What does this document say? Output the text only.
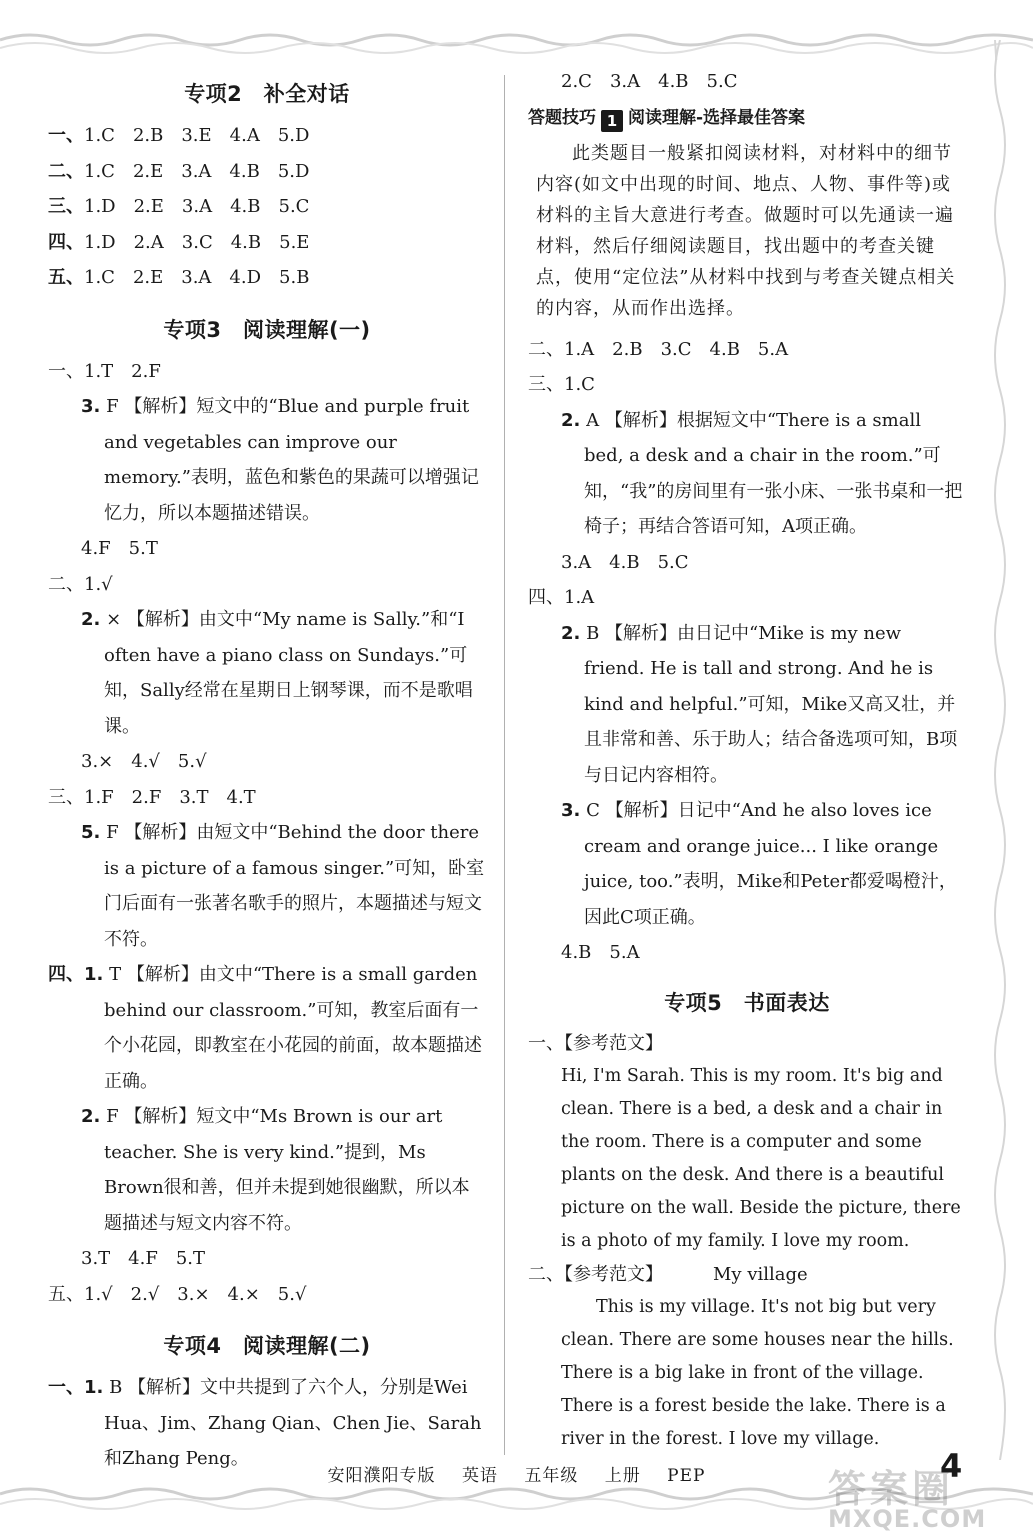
专项2　补全对话
一、1.C　2.B　3.E　4.A　5.D
二、1.C　2.E　3.A　4.B　5.D
三、1.D　2.E　3.A　4.B　5.C
四、1.D　2.A　3.C　4.B　5.E
五、1.C　2.E　3.A　4.D　5.B
专项3　阅读理解(一)
一、1.T　2.F
3. F 【解析】短文中的“Blue and purple fruit and vegetables can improve our memory.”表明，蓝色和紫色的果蔬可以增强记忆力，所以本题描述错误。
4.F　5.T
二、1.√
2. × 【解析】由文中“My name is Sally.”和“I often have a piano class on Sundays.”可知，Sally经常在星期日上钢琴课，而不是歌唱课。
3.×　4.√　5.√
三、1.F　2.F　3.T　4.T
5. F 【解析】由短文中“Behind the door there is a picture of a famous singer.”可知，卧室门后面有一张著名歌手的照片，本题描述与短文不符。
四、1. T 【解析】由文中“There is a small garden behind our classroom.”可知，教室后面有一个小花园，即教室在小花园的前面，故本题描述正确。
2. F 【解析】短文中“Ms Brown is our art teacher. She is very kind.”提到，Ms Brown很和善，但并未提到她很幽默，所以本题描述与短文内容不符。
3.T　4.F　5.T
五、1.√　2.√　3.×　4.×　5.√
专项4　阅读理解(二)
一、1. B 【解析】文中共提到了六个人，分别是Wei Hua、Jim、Zhang Qian、Chen Jie、Sarah和Zhang Peng。
2.C　3.A　4.B　5.C
答题技巧 1 阅读理解-选择最佳答案
此类题目一般紧扣阅读材料，对材料中的细节内容(如文中出现的时间、地点、人物、事件等)或材料的主旨大意进行考查。做题时可以先通读一遍材料，然后仔细阅读题目，找出题中的考查关键点，使用“定位法”从材料中找到与考查关键点相关的内容，从而作出选择。
二、1.A　2.B　3.C　4.B　5.A
三、1.C
2. A 【解析】根据短文中“There is a small bed, a desk and a chair in the room.”可知，“我”的房间里有一张小床、一张书桌和一把椅子；再结合答语可知，A项正确。
3.A　4.B　5.C
四、1.A
2. B 【解析】由日记中“Mike is my new friend. He is tall and strong. And he is kind and helpful.”可知，Mike又高又壮，并且非常和善、乐于助人；结合备选项可知，B项与日记内容相符。
3. C 【解析】日记中“And he also loves ice cream and orange juice... I like orange juice, too.”表明，Mike和Peter都爱喝橙汁，因此C项正确。
4.B　5.A
专项5　书面表达
一、【参考范文】
Hi, I'm Sarah. This is my room. It's big and clean. There is a bed, a desk and a chair in the room. There is a computer and some plants on the desk. And there is a beautiful picture on the wall. Beside the picture, there is a photo of my family. I love my room.
二、【参考范文】	My village
This is my village. It's not big but very clean. There are some houses near the hills. There is a big lake in front of the village. There is a forest beside the lake. There is a river in the forest. I love my village.
安阳濮阳专版 英语 五年级 上册 PEP	答案圈
MXQE.COM
4
